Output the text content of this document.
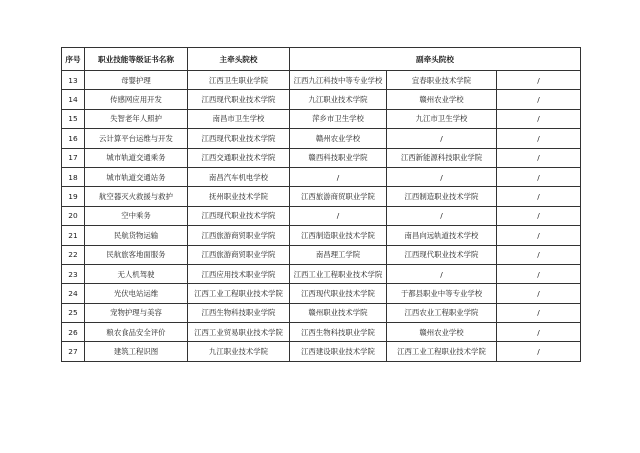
序号	职业技能等级证书名称	主牵头院校	副牵头院校		
13	母婴护理	江西卫生职业学院	江西九江科技中等专业学校	宜春职业技术学院	/
14	传感网应用开发	江西现代职业技术学院	九江职业技术学院	赣州农业学校	/
15	失智老年人照护	南昌市卫生学校	萍乡市卫生学校	九江市卫生学校	/
16	云计算平台运维与开发	江西现代职业技术学院	赣州农业学校	/	/
17	城市轨道交通乘务	江西交通职业技术学院	赣西科技职业学院	江西新能源科技职业学院	/
18	城市轨道交通站务	南昌汽车机电学校	/	/	/
19	航空器灭火救援与救护	抚州职业技术学院	江西旅游商贸职业学院	江西制造职业技术学院	/
20	空中乘务	江西现代职业技术学院	/	/	/
21	民航货物运输	江西旅游商贸职业学院	江西制造职业技术学院	南昌向远轨道技术学校	/
22	民航旅客地面服务	江西旅游商贸职业学院	南昌理工学院	江西现代职业技术学院	/
23	无人机驾驶	江西应用技术职业学院	江西工业工程职业技术学院	/	/
24	光伏电站运维	江西工业工程职业技术学院	江西现代职业技术学院	于都县职业中等专业学校	/
25	宠物护理与美容	江西生物科技职业学院	赣州职业技术学院	江西农业工程职业学院	/
26	粮农食品安全评价	江西工业贸易职业技术学院	江西生物科技职业学院	赣州农业学校	/
27	建筑工程识图	九江职业技术学院	江西建设职业技术学院	江西工业工程职业技术学院	/
